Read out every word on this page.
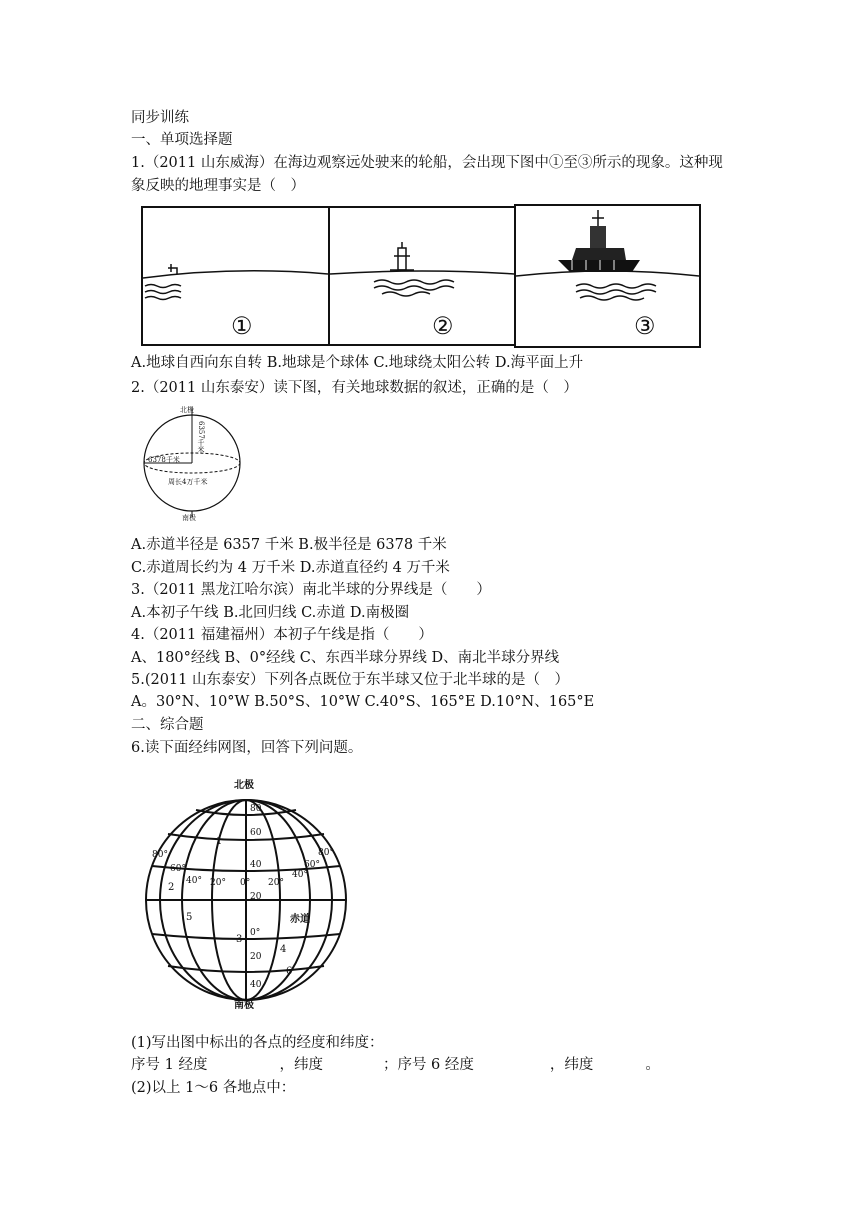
同步训练
一、单项选择题
1.（2011 山东威海）在海边观察远处驶来的轮船，会出现下图中①至③所示的现象。这种现
象反映的地理事实是（　）
①	②	③
A.地球自西向东自转 B.地球是个球体 C.地球绕太阳公转 D.海平面上升
2.（2011 山东泰安）读下图，有关地球数据的叙述，正确的是（　）
北极
6357千米
6378千米
周长4万千米
南极
A.赤道半径是 6357 千米 B.极半径是 6378 千米
C.赤道周长约为 4 万千米 D.赤道直径约 4 万千米
3.（2011 黑龙江哈尔滨）南北半球的分界线是（　　）
A.本初子午线 B.北回归线 C.赤道 D.南极圈
4.（2011 福建福州）本初子午线是指（　　）
A、180°经线 B、0°经线 C、东西半球分界线 D、南北半球分界线
5.(2011 山东泰安）下列各点既位于东半球又位于北半球的是（　）
A。30°N、10°W B.50°S、10°W C.40°S、165°E D.10°N、165°E
二、综合题
6.读下面经纬网图，回答下列问题。
北极
南极
赤道
80
60
40
20
0°
20
40
80°
60°
40° 20° 0° 20°
40°
60°
80°
1
2
3
4
5
6
(1)写出图中标出的各点的经度和纬度：
序号 1 经度	，纬度	；序号 6 经度	，纬度	。
(2)以上 1～6 各地点中：
